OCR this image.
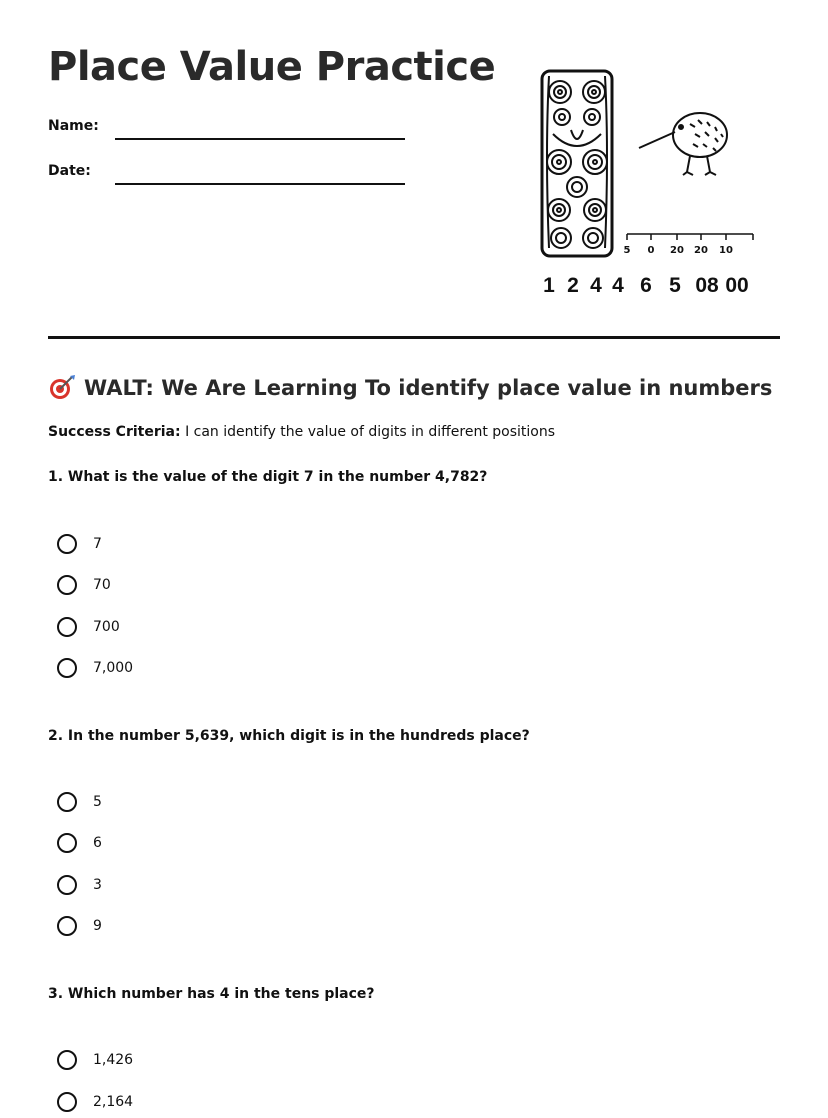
Place Value Practice
Name:
Date:
5 0 20 20 10
1 2 4 4 6 5 08 00
WALT: We Are Learning To identify place value in numbers
Success Criteria: I can identify the value of digits in different positions
1. What is the value of the digit 7 in the number 4,782?
7
70
700
7,000
2. In the number 5,639, which digit is in the hundreds place?
5
6
3
9
3. Which number has 4 in the tens place?
1,426
2,164
